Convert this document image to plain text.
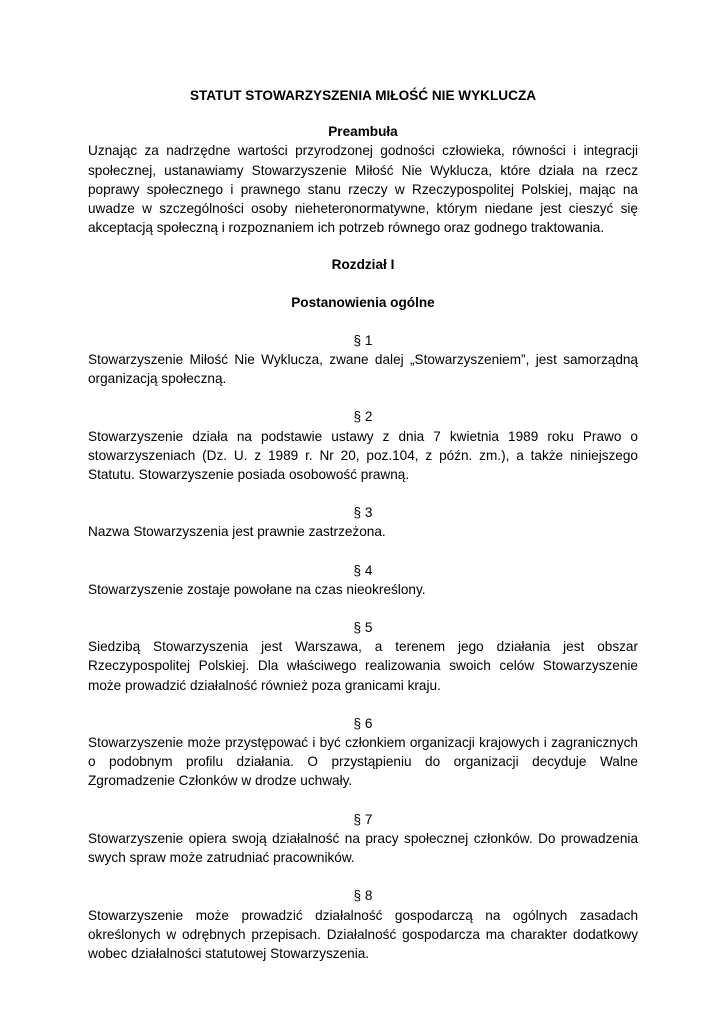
STATUT STOWARZYSZENIA MIŁOŚĆ NIE WYKLUCZA

Preambuła

Uznając za nadrzędne wartości przyrodzonej godności człowieka, równości i integracji społecznej, ustanawiamy Stowarzyszenie Miłość Nie Wyklucza, które działa na rzecz poprawy społecznego i prawnego stanu rzeczy w Rzeczypospolitej Polskiej, mając na uwadze w szczególności osoby nieheteronormatywne, którym niedane jest cieszyć się akceptacją społeczną i rozpoznaniem ich potrzeb równego oraz godnego traktowania.

Rozdział I

Postanowienia ogólne

§ 1

Stowarzyszenie Miłość Nie Wyklucza, zwane dalej „Stowarzyszeniem”, jest samorządną organizacją społeczną.

§ 2

Stowarzyszenie działa na podstawie ustawy z dnia 7 kwietnia 1989 roku Prawo o stowarzyszeniach (Dz. U. z 1989 r. Nr 20, poz.104, z późn. zm.), a także niniejszego Statutu. Stowarzyszenie posiada osobowość prawną.

§ 3

Nazwa Stowarzyszenia jest prawnie zastrzeżona.

§ 4

Stowarzyszenie zostaje powołane na czas nieokreślony.

§ 5

Siedzibą Stowarzyszenia jest Warszawa, a terenem jego działania jest obszar Rzeczypospolitej Polskiej. Dla właściwego realizowania swoich celów Stowarzyszenie może prowadzić działalność również poza granicami kraju.

§ 6

Stowarzyszenie może przystępować i być członkiem organizacji krajowych i zagranicznych o podobnym profilu działania. O przystąpieniu do organizacji decyduje Walne Zgromadzenie Członków w drodze uchwały.

§ 7

Stowarzyszenie opiera swoją działalność na pracy społecznej członków. Do prowadzenia swych spraw może zatrudniać pracowników.

§ 8

Stowarzyszenie może prowadzić działalność gospodarczą na ogólnych zasadach określonych w odrębnych przepisach. Działalność gospodarcza ma charakter dodatkowy wobec działalności statutowej Stowarzyszenia.
